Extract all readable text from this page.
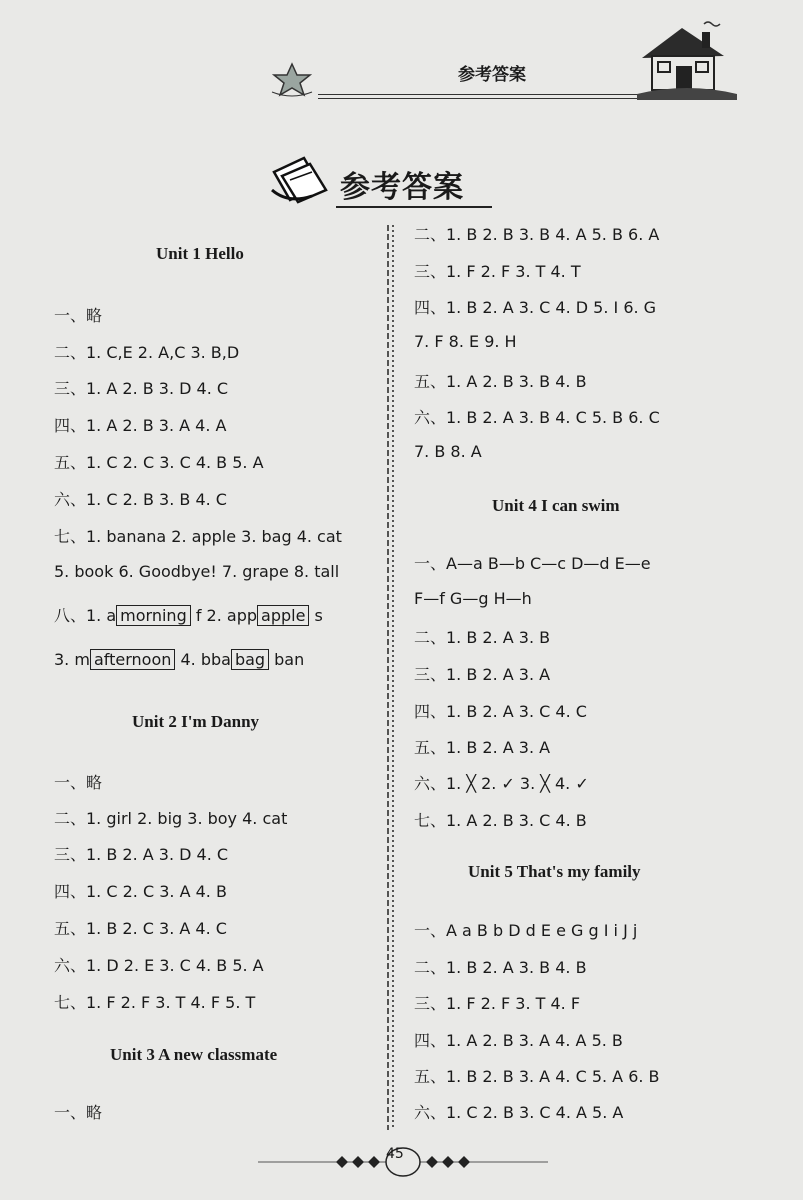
参考答案
参考答案
Unit 1 Hello
一、略
二、1. C,E 2. A,C 3. B,D
三、1. A 2. B 3. D 4. C
四、1. A 2. B 3. A 4. A
五、1. C 2. C 3. C 4. B 5. A
六、1. C 2. B 3. B 4. C
七、1. banana 2. apple 3. bag 4. cat
5. book 6. Goodbye! 7. grape 8. tall
八、1. a morning f 2. app apple s
3. m afternoon 4. bba bag ban
Unit 2 I'm Danny
一、略
二、1. girl 2. big 3. boy 4. cat
三、1. B 2. A 3. D 4. C
四、1. C 2. C 3. A 4. B
五、1. B 2. C 3. A 4. C
六、1. D 2. E 3. C 4. B 5. A
七、1. F 2. F 3. T 4. F 5. T
Unit 3 A new classmate
一、略
二、1. B 2. B 3. B 4. A 5. B 6. A
三、1. F 2. F 3. T 4. T
四、1. B 2. A 3. C 4. D 5. I 6. G
7. F 8. E 9. H
五、1. A 2. B 3. B 4. B
六、1. B 2. A 3. B 4. C 5. B 6. C
7. B 8. A
Unit 4 I can swim
一、A—a B—b C—c D—d E—e
F—f G—g H—h
二、1. B 2. A 3. B
三、1. B 2. A 3. A
四、1. B 2. A 3. C 4. C
五、1. B 2. A 3. A
六、1. ╳ 2. ✓ 3. ╳ 4. ✓
七、1. A 2. B 3. C 4. B
Unit 5 That's my family
一、A a B b D d E e G g I i J j
二、1. B 2. A 3. B 4. B
三、1. F 2. F 3. T 4. F
四、1. A 2. B 3. A 4. A 5. B
五、1. B 2. B 3. A 4. C 5. A 6. B
六、1. C 2. B 3. C 4. A 5. A
45
